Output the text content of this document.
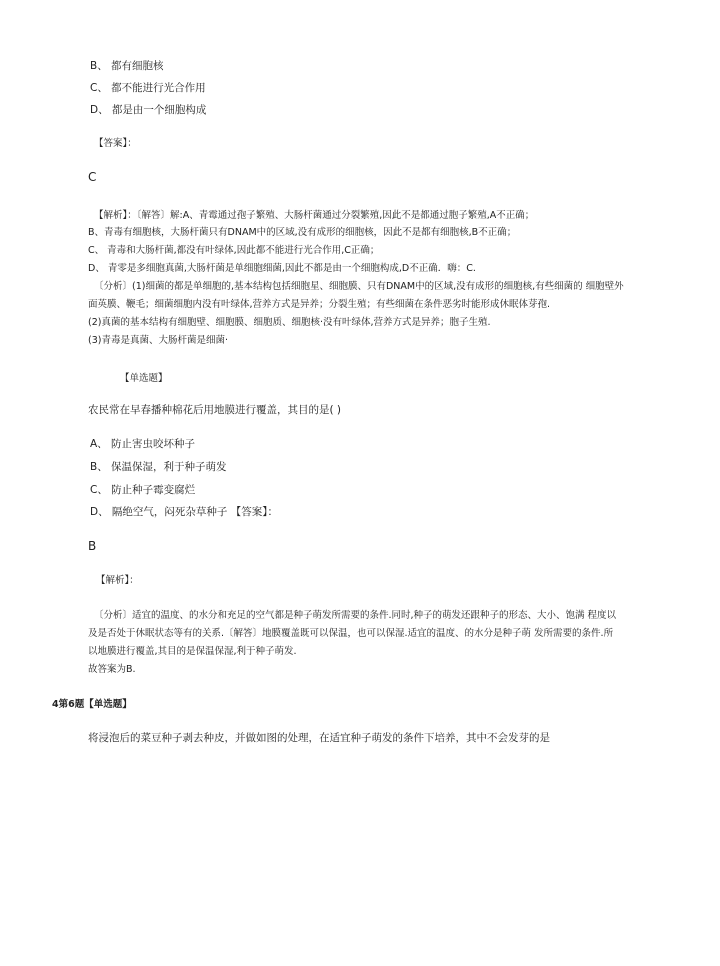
B、 都有细胞核
C、 都不能进行光合作用
D、 都是由一个细胞构成
【答案】：
C
【解析】：〔解答〕解:A、青霉通过孢子繁殖、大肠杆菌通过分裂繁殖,因此不是都通过胞子繁殖,A不正确；
B、青毒有细胞核，大肠杆菌只有DNAM中的区域,没有成形的细胞核，因此不是都有细胞核,B不正确；
C、 青毒和大肠杆菌,都没有叶绿体,因此都不能进行光合作用,C正确；
D、 青零是多细胞真菌,大肠杆菌是单细胞细菌,因此不都是由一个细胞构成,D不正确．嗨：C.
〔分析〕(1)细菌的都是单细胞的,基本结构包括细胞星、细胞膜、只有DNAM中的区域,没有成形的细胞核,有些细菌的 细胞壁外
面英膜、鞭毛；细菌细胞内没有叶绿体,营养方式是异养；分裂生殖；有些细菌在条件恶劣时能形成休眠体芽孢.
(2)真菌的基本结构有细胞壁、细胞膜、细胞质、细胞核·没有叶绿体,营养方式是异养；胞子生殖.
(3)青毒是真菌、大肠杆菌是细菌·
【单选题】
农民常在早春播种棉花后用地膜进行覆盖，其目的是( )
A、 防止害虫咬坏种子
B、 保温保湿，利于种子萌发
C、 防止种子霉变腐烂
D、 隔绝空气，闷死杂草种子 【答案】：
B
【解析】：
〔分析〕适宜的温度、的水分和充足的空气都是种子萌发所需要的条件.同时,种子的萌发还跟种子的形态、大小、饱满 程度以
及是否处于休眠状态等有的关系.〔解答〕地膜覆盖既可以保温，也可以保湿.适宜的温度、的水分是种子萌 发所需要的条件.所
以地膜进行覆盖,其目的是保温保湿,利于种子萌发.
故答案为B.
4第6题【单选题】
将浸泡后的菜豆种子剥去种皮，并做如图的处理，在适宜种子萌发的条件下培养，其中不会发芽的是
